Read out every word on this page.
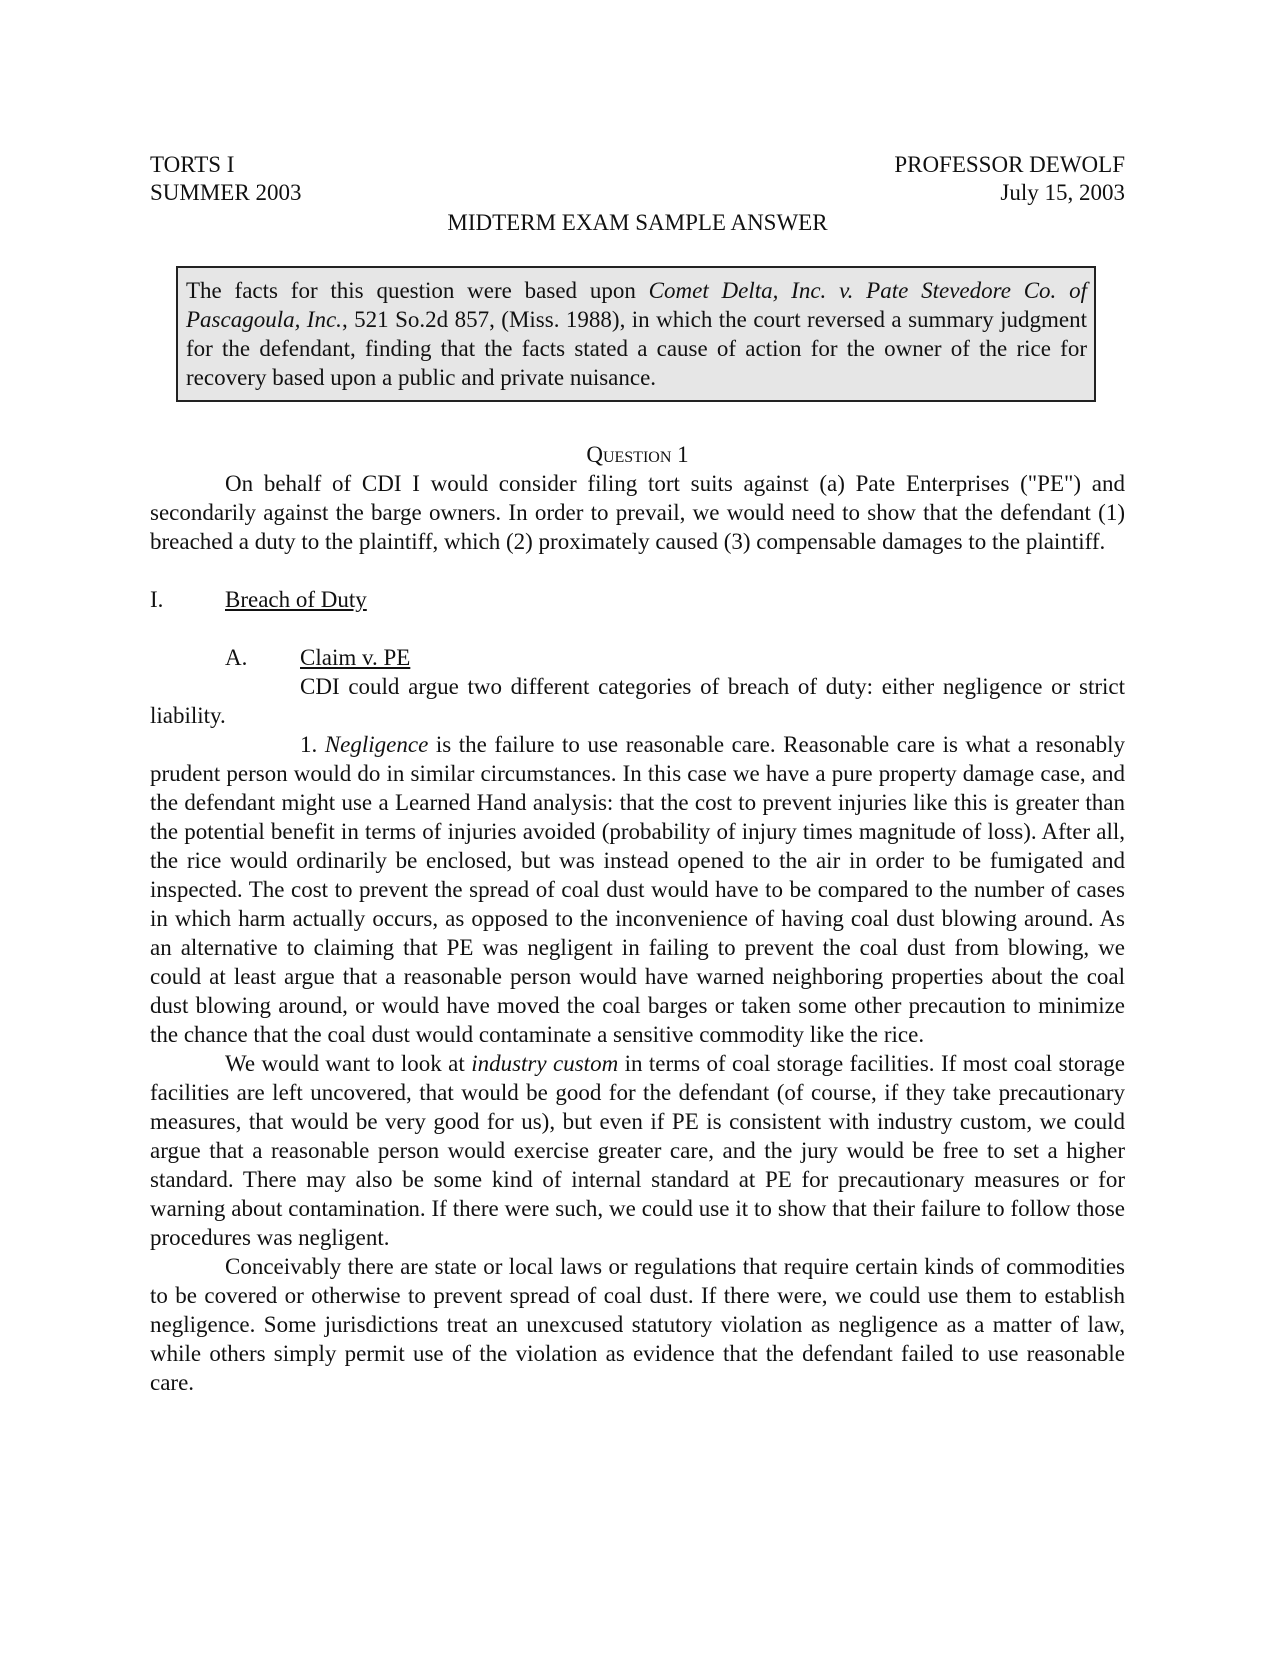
TORTS I
SUMMER 2003
PROFESSOR DEWOLF
July 15, 2003
MIDTERM EXAM SAMPLE ANSWER
The facts for this question were based upon Comet Delta, Inc. v. Pate Stevedore Co. of Pascagoula, Inc., 521 So.2d 857, (Miss. 1988), in which the court reversed a summary judgment for the defendant, finding that the facts stated a cause of action for the owner of the rice for recovery based upon a public and private nuisance.

Question 1

On behalf of CDI I would consider filing tort suits against (a) Pate Enterprises ("PE") and secondarily against the barge owners. In order to prevail, we would need to show that the defendant (1) breached a duty to the plaintiff, which (2) proximately caused (3) compensable damages to the plaintiff.

I.	Breach of Duty
A. Claim v. PE

CDI could argue two different categories of breach of duty: either negligence or strict liability.

1. Negligence is the failure to use reasonable care. Reasonable care is what a resonably prudent person would do in similar circumstances. In this case we have a pure property damage case, and the defendant might use a Learned Hand analysis: that the cost to prevent injuries like this is greater than the potential benefit in terms of injuries avoided (probability of injury times magnitude of loss). After all, the rice would ordinarily be enclosed, but was instead opened to the air in order to be fumigated and inspected. The cost to prevent the spread of coal dust would have to be compared to the number of cases in which harm actually occurs, as opposed to the inconvenience of having coal dust blowing around. As an alternative to claiming that PE was negligent in failing to prevent the coal dust from blowing, we could at least argue that a reasonable person would have warned neighboring properties about the coal dust blowing around, or would have moved the coal barges or taken some other precaution to minimize the chance that the coal dust would contaminate a sensitive commodity like the rice.

We would want to look at industry custom in terms of coal storage facilities. If most coal storage facilities are left uncovered, that would be good for the defendant (of course, if they take precautionary measures, that would be very good for us), but even if PE is consistent with industry custom, we could argue that a reasonable person would exercise greater care, and the jury would be free to set a higher standard. There may also be some kind of internal standard at PE for precautionary measures or for warning about contamination. If there were such, we could use it to show that their failure to follow those procedures was negligent.

Conceivably there are state or local laws or regulations that require certain kinds of commodities to be covered or otherwise to prevent spread of coal dust. If there were, we could use them to establish negligence. Some jurisdictions treat an unexcused statutory violation as negligence as a matter of law, while others simply permit use of the violation as evidence that the defendant failed to use reasonable care.
